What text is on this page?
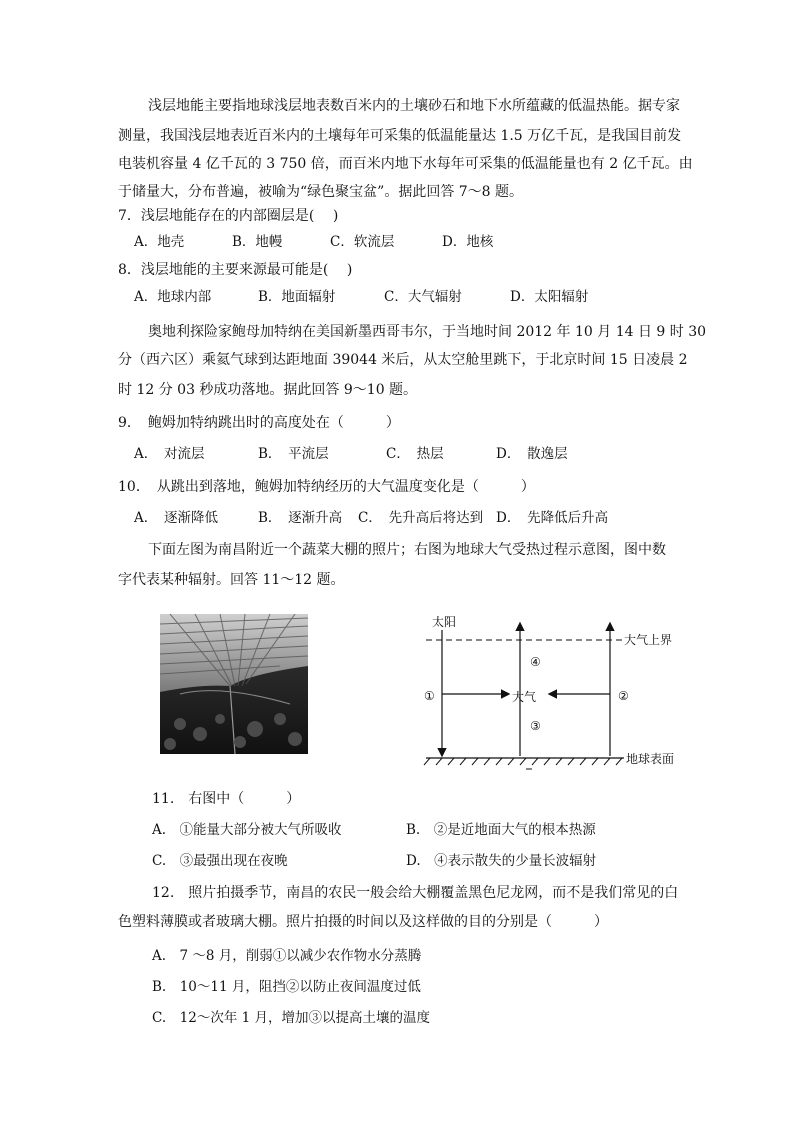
浅层地能主要指地球浅层地表数百米内的土壤砂石和地下水所蕴藏的低温热能。据专家
测量，我国浅层地表近百米内的土壤每年可采集的低温能量达 1.5 万亿千瓦，是我国目前发
电装机容量 4 亿千瓦的 3 750 倍，而百米内地下水每年可采集的低温能量也有 2 亿千瓦。由
于储量大，分布普遍，被喻为“绿色聚宝盆”。据此回答 7～8 题。
7．浅层地能存在的内部圈层是(　 )
A．地壳	B．地幔	C．软流层	D．地核
8．浅层地能的主要来源最可能是(　 )
A．地球内部	B．地面辐射	C．大气辐射	D．太阳辐射
奥地利探险家鲍母加特纳在美国新墨西哥韦尔，于当地时间 2012 年 10 月 14 日 9 时 30
分（西六区）乘氦气球到达距地面 39044 米后，从太空舱里跳下，于北京时间 15 日凌晨 2
时 12 分 03 秒成功落地。据此回答 9～10 题。
9．　鲍姆加特纳跳出时的高度处在（　　　）
A．　对流层	B．　平流层	C．　热层	D．　散逸层
10．　从跳出到落地，鲍姆加特纳经历的大气温度变化是（　　　）
A．　逐渐降低	B．　逐渐升高 C．　先升高后将达到 D．　先降低后升高
下面左图为南昌附近一个蔬菜大棚的照片；右图为地球大气受热过程示意图，图中数
字代表某种辐射。回答 11～12 题。
太阳
大气上界
大气
地球表面
①	②
③
④
11.　右图中（　　　）
A.　①能量大部分被大气所吸收	B.　②是近地面大气的根本热源
C.　③最强出现在夜晚	D.　④表示散失的少量长波辐射
12.　照片拍摄季节，南昌的农民一般会给大棚覆盖黑色尼龙网，而不是我们常见的白
色塑料薄膜或者玻璃大棚。照片拍摄的时间以及这样做的目的分别是（　　　）
A.　7 ～8 月，削弱①以减少农作物水分蒸腾
B.　10～11 月，阻挡②以防止夜间温度过低
C.　12～次年 1 月，增加③以提高土壤的温度
